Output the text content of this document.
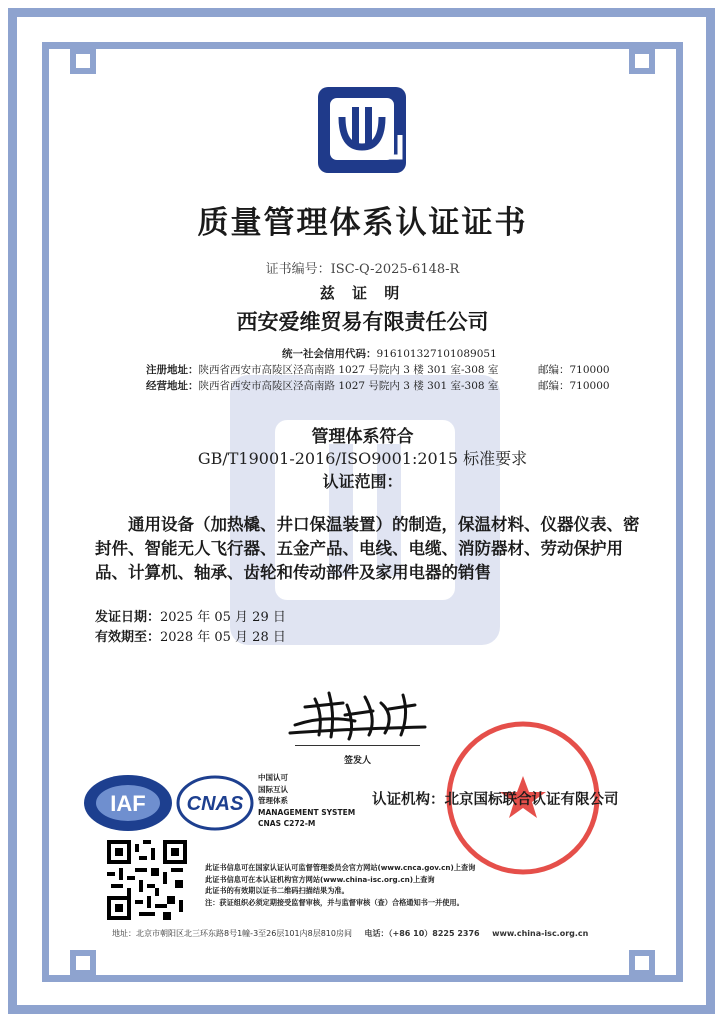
质量管理体系认证证书
证书编号：ISC-Q-2025-6148-R
兹 证 明
西安爱维贸易有限责任公司
统一社会信用代码：916101327101089051
注册地址：陕西省西安市高陵区泾高南路 1027 号院内 3 楼 301 室-308 室	邮编：710000
经营地址：陕西省西安市高陵区泾高南路 1027 号院内 3 楼 301 室-308 室	邮编：710000
管理体系符合
GB/T19001-2016/ISO9001:2015 标准要求
认证范围：
通用设备（加热橇、井口保温装置）的制造，保温材料、仪器仪表、密封件、智能无人飞行器、五金产品、电线、电缆、消防器材、劳动保护用品、计算机、轴承、齿轮和传动部件及家用电器的销售
发证日期：2025 年 05 月 29 日
有效期至：2028 年 05 月 28 日
签发人
IAF CNAS
中国认可
国际互认
管理体系
MANAGEMENT SYSTEM
CNAS C272-M
认证机构：北京国标联合认证有限公司
此证书信息可在国家认证认可监督管理委员会官方网站(www.cnca.gov.cn)上查询
此证书信息可在本认证机构官方网站(www.china-isc.org.cn)上查询
此证书的有效期以证书二维码扫描结果为准。
注：获证组织必须定期接受监督审核，并与监督审核（查）合格通知书一并使用。
地址：北京市朝阳区北三环东路8号1幢-3至26层101内8层810房间 电话：（+86 10）8225 2376 www.china-isc.org.cn
